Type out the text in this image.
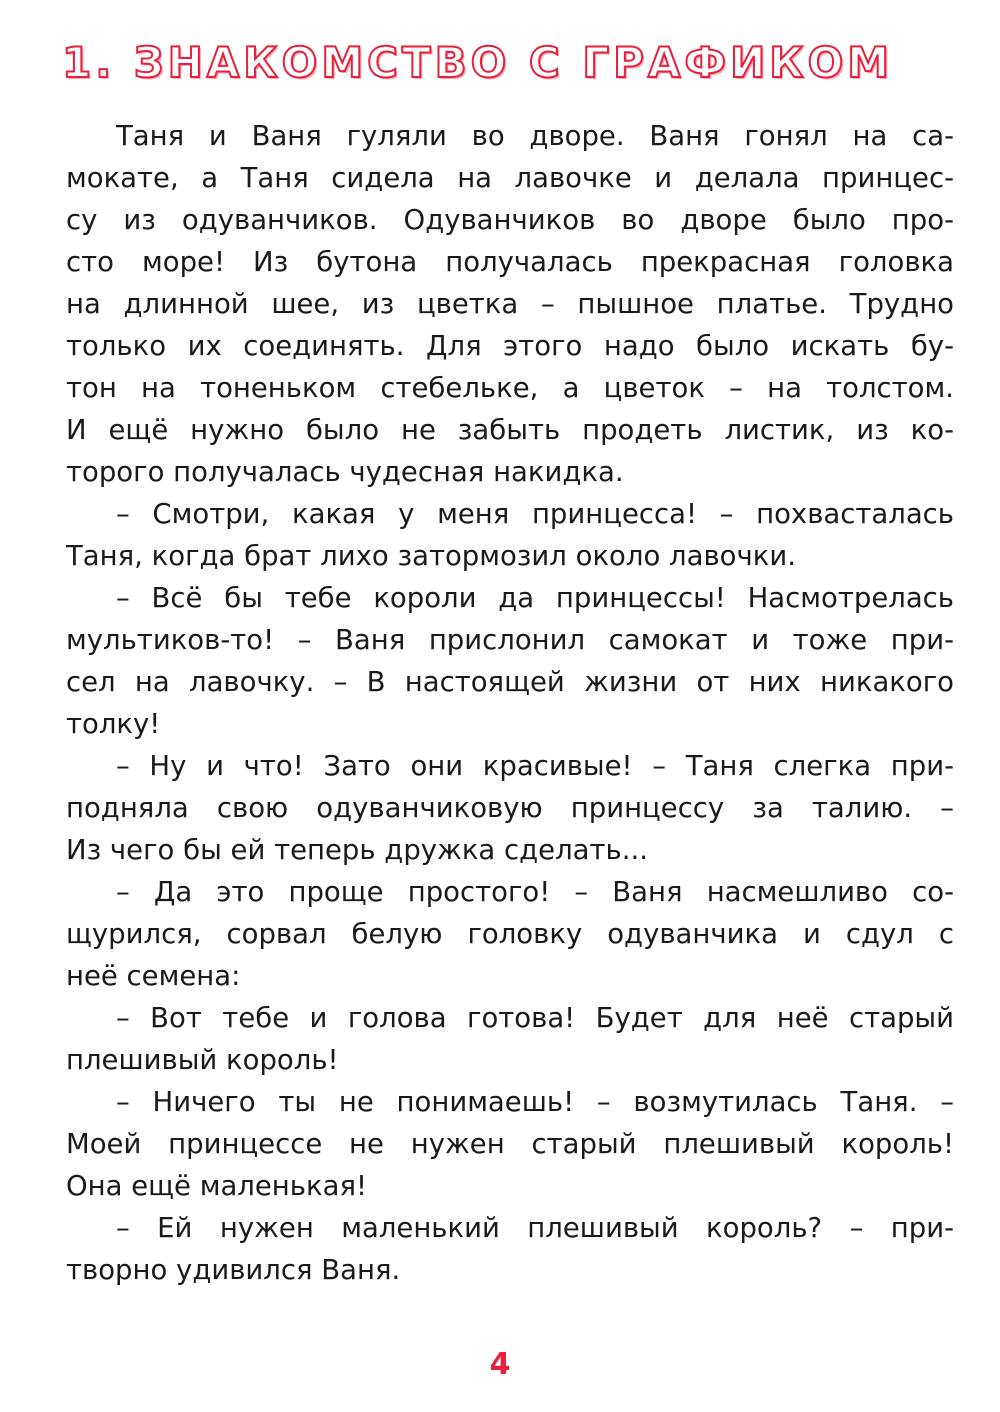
1. ЗНАКОМСТВО С ГРАФИКОМ

Таня и Ваня гуляли во дворе. Ваня гонял на са-

мокате, а Таня сидела на лавочке и делала принцес-

су из одуванчиков. Одуванчиков во дворе было про-

сто море! Из бутона получалась прекрасная головка

на длинной шее, из цветка – пышное платье. Трудно

только их соединять. Для этого надо было искать бу-

тон на тоненьком стебельке, а цветок – на толстом.

И ещё нужно было не забыть продеть листик, из ко-

торого получалась чудесная накидка.

– Смотри, какая у меня принцесса! – похвасталась

Таня, когда брат лихо затормозил около лавочки.

– Всё бы тебе короли да принцессы! Насмотрелась

мультиков-то! – Ваня прислонил самокат и тоже при-

сел на лавочку. – В настоящей жизни от них никакого

толку!

– Ну и что! Зато они красивые! – Таня слегка при-

подняла свою одуванчиковую принцессу за талию. –

Из чего бы ей теперь дружка сделать...

– Да это проще простого! – Ваня насмешливо со-

щурился, сорвал белую головку одуванчика и сдул с

неё семена:

– Вот тебе и голова готова! Будет для неё старый

плешивый король!

– Ничего ты не понимаешь! – возмутилась Таня. –

Моей принцессе не нужен старый плешивый король!

Она ещё маленькая!

– Ей нужен маленький плешивый король? – при-

творно удивился Ваня.

4
